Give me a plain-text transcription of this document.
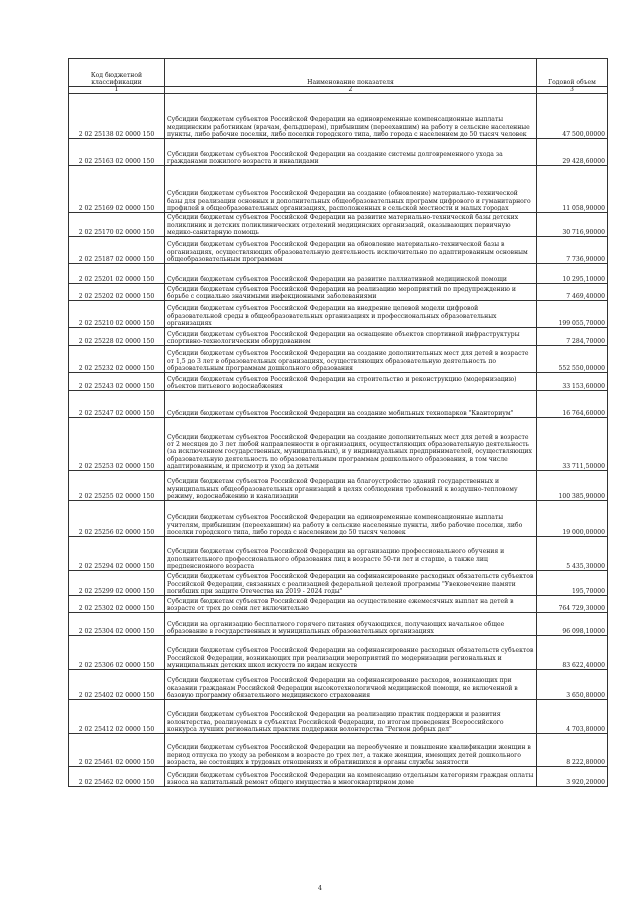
Код бюджетной классификации	Наименование показателя	Годовой объем
1	2	3
2 02 25138 02 0000 150	Субсидии бюджетам субъектов Российской Федерации на единовременные компенсационные выплаты медицинским работникам (врачам, фельдшерам), прибывшим (переехавшим) на работу в сельские населенные пункты, либо рабочие поселки, либо поселки городского типа, либо города с населением до 50 тысяч человек	47 500,00000
2 02 25163 02 0000 150	Субсидии бюджетам субъектов Российской Федерации на создание системы долговременного ухода за гражданами пожилого возраста и инвалидами	29 428,60000
2 02 25169 02 0000 150	Субсидии бюджетам субъектов Российской Федерации на создание (обновление) материально-технической базы для реализации основных и дополнительных общеобразовательных программ цифрового и гуманитарного профилей в общеобразовательных организациях, расположенных в сельской местности и малых городах	11 058,90000
2 02 25170 02 0000 150	Субсидии бюджетам субъектов Российской Федерации на развитие материально-технической базы детских поликлиник и детских поликлинических отделений медицинских организаций, оказывающих первичную медико-санитарную помощь	30 716,90000
2 02 25187 02 0000 150	Субсидии бюджетам субъектов Российской Федерации на обновление материально-технической базы в организациях, осуществляющих образовательную деятельность исключительно по адаптированным основным общеобразовательным программам	7 736,90000
2 02 25201 02 0000 150	Субсидии бюджетам субъектов Российской Федерации на развитие паллиативной медицинской помощи	10 295,10000
2 02 25202 02 0000 150	Субсидии бюджетам субъектов Российской Федерации на реализацию мероприятий по предупреждению и борьбе с социально значимыми инфекционными заболеваниями	7 469,40000
2 02 25210 02 0000 150	Субсидии бюджетам субъектов Российской Федерации на внедрение целевой модели цифровой образовательной среды в общеобразовательных организациях и профессиональных образовательных организациях	199 055,70000
2 02 25228 02 0000 150	Субсидии бюджетам субъектов Российской Федерации на оснащение объектов спортивной инфраструктуры спортивно-технологическим оборудованием	7 284,70000
2 02 25232 02 0000 150	Субсидии бюджетам субъектов Российской Федерации на создание дополнительных мест для детей в возрасте от 1,5 до 3 лет в образовательных организациях, осуществляющих образовательную деятельность по образовательным программам дошкольного образования	552 550,00000
2 02 25243 02 0000 150	Субсидии бюджетам субъектов Российской Федерации на строительство и реконструкцию (модернизацию) объектов питьевого водоснабжения	33 153,60000
2 02 25247 02 0000 150	Субсидии бюджетам субъектов Российской Федерации на создание мобильных технопарков "Кванториум"	16 764,60000
2 02 25253 02 0000 150	Субсидии бюджетам субъектов Российской Федерации на создание дополнительных мест для детей в возрасте от 2 месяцев до 3 лет любой направленности в организациях, осуществляющих образовательную деятельность (за исключением государственных, муниципальных), и у индивидуальных предпринимателей, осуществляющих образовательную деятельность по образовательным программам дошкольного образования, в том числе адаптированным, и присмотр и уход за детьми	33 711,50000
2 02 25255 02 0000 150	Субсидии бюджетам субъектов Российской Федерации на благоустройство зданий государственных и муниципальных общеобразовательных организаций в целях соблюдения требований к воздушно-тепловому режиму, водоснабжению и канализации	100 385,90000
2 02 25256 02 0000 150	Субсидии бюджетам субъектов Российской Федерации на единовременные компенсационные выплаты учителям, прибывшим (переехавшим) на работу в сельские населенные пункты, либо рабочие поселки, либо поселки городского типа, либо города с населением до 50 тысяч человек	19 000,00000
2 02 25294 02 0000 150	Субсидии бюджетам субъектов Российской Федерации на организацию профессионального обучения и дополнительного профессионального образования лиц в возрасте 50-ти лет и старше, а также лиц предпенсионного возраста	5 435,30000
2 02 25299 02 0000 150	Субсидии бюджетам субъектов Российской Федерации на софинансирование расходных обязательств субъектов Российской Федерации, связанных с реализацией федеральной целевой программы "Увековечение памяти погибших при защите Отечества на 2019 - 2024 годы"	195,70000
2 02 25302 02 0000 150	Субсидии бюджетам субъектов Российской Федерации на осуществление ежемесячных выплат на детей в возрасте от трех до семи лет включительно	764 729,30000
2 02 25304 02 0000 150	Субсидии на организацию бесплатного горячего питания обучающихся, получающих начальное общее образование в государственных и муниципальных образовательных организациях	96 098,10000
2 02 25306 02 0000 150	Субсидии бюджетам субъектов Российской Федерации на софинансирование расходных обязательств субъектов Российской Федерации, возникающих при реализации мероприятий по модернизации региональных и муниципальных детских школ искусств по видам искусств	83 622,40000
2 02 25402 02 0000 150	Субсидии бюджетам субъектов Российской Федерации на софинансирование расходов, возникающих при оказании гражданам Российской Федерации высокотехнологичной медицинской помощи, не включенной в базовую программу обязательного медицинского страхования	3 650,80000
2 02 25412 02 0000 150	Субсидии бюджетам субъектов Российской Федерации на реализацию практик поддержки и развития волонтерства, реализуемых в субъектах Российской Федерации, по итогам проведения Всероссийского конкурса лучших региональных практик поддержки волонтерства "Регион добрых дел"	4 703,80000
2 02 25461 02 0000 150	Субсидии бюджетам субъектов Российской Федерации на переобучение и повышение квалификации женщин в период отпуска по уходу за ребенком в возрасте до трех лет, а также женщин, имеющих детей дошкольного возраста, не состоящих в трудовых отношениях и обратившихся в органы службы занятости	8 222,80000
2 02 25462 02 0000 150	Субсидии бюджетам субъектов Российской Федерации на компенсацию отдельным категориям граждан оплаты взноса на капитальный ремонт общего имущества в многоквартирном доме	3 920,20000
4
